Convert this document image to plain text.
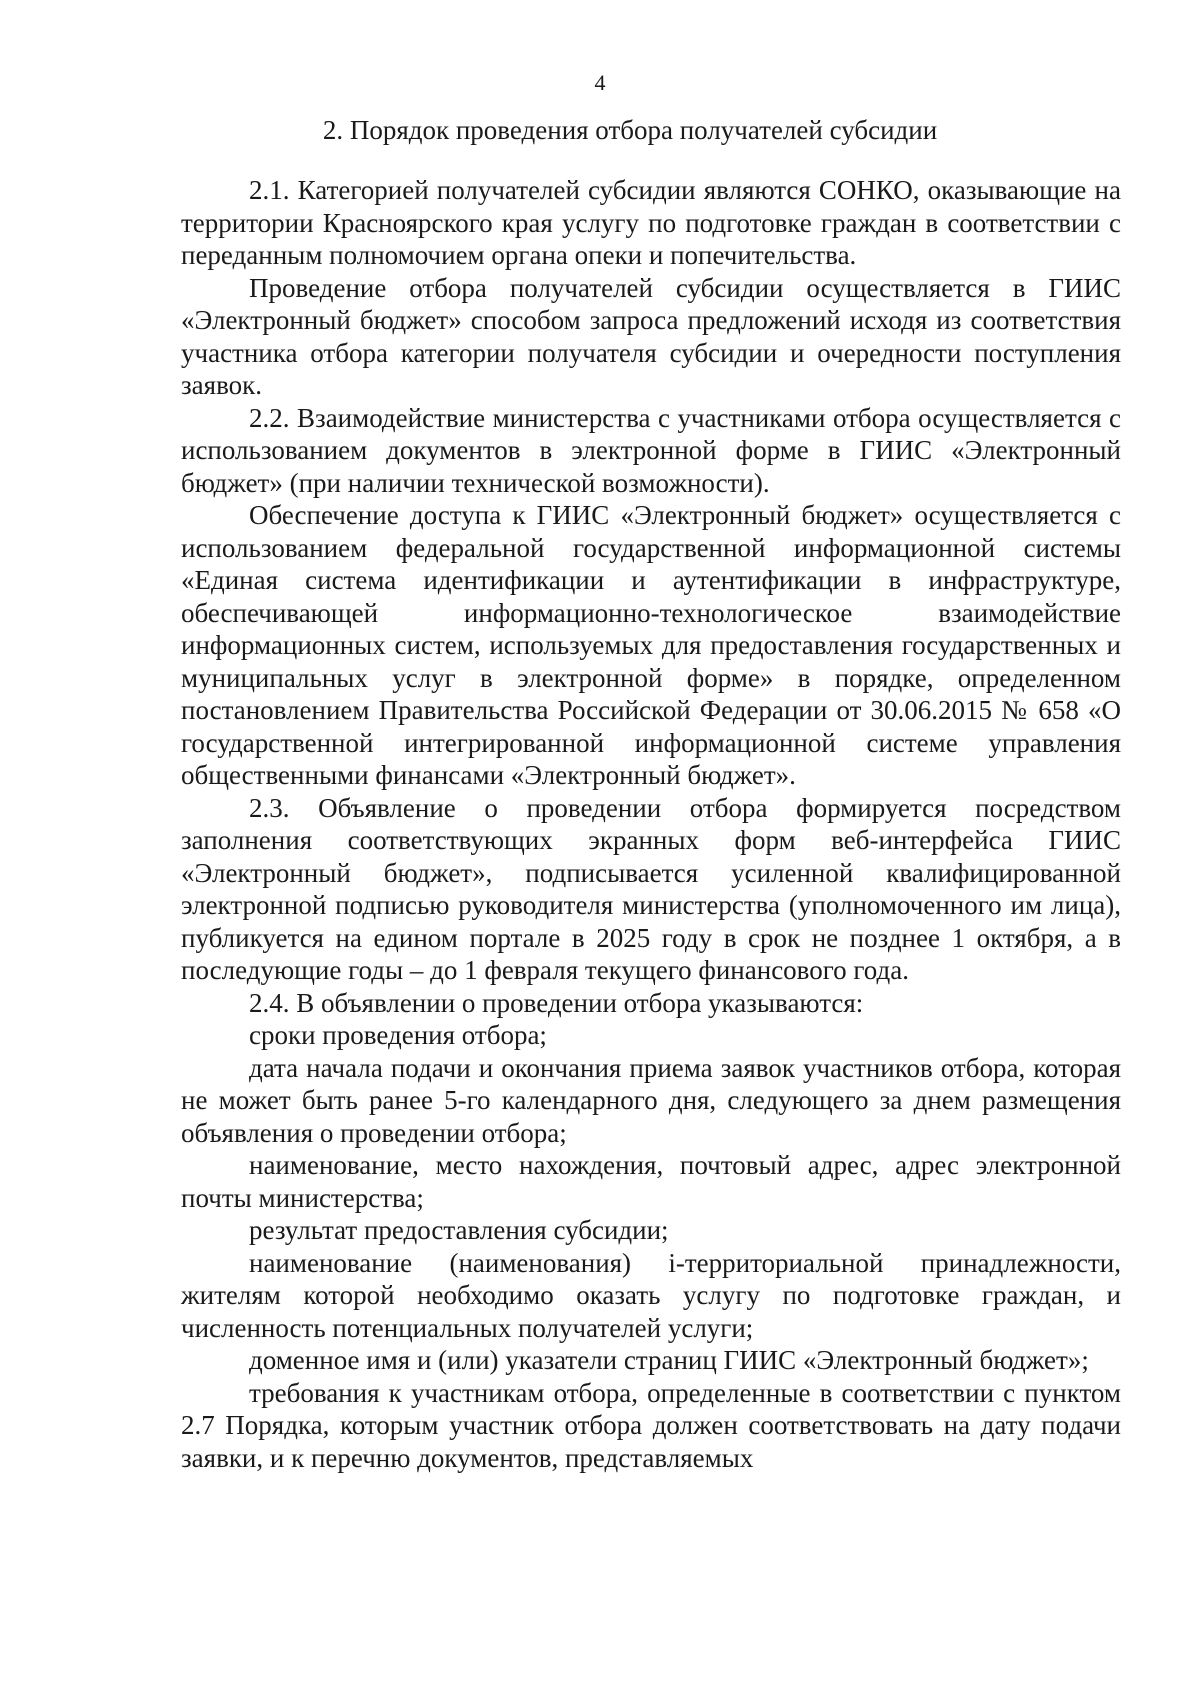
4
2. Порядок проведения отбора получателей субсидии

2.1. Категорией получателей субсидии являются СОНКО, оказывающие на территории Красноярского края услугу по подготовке граждан в соответствии с переданным полномочием органа опеки и попечительства.

Проведение отбора получателей субсидии осуществляется в ГИИС «Электронный бюджет» способом запроса предложений исходя из соответствия участника отбора категории получателя субсидии и очередности поступления заявок.

2.2. Взаимодействие министерства с участниками отбора осуществляется с использованием документов в электронной форме в ГИИС «Электронный бюджет» (при наличии технической возможности).

Обеспечение доступа к ГИИС «Электронный бюджет» осуществляется с использованием федеральной государственной информационной системы «Единая система идентификации и аутентификации в инфраструктуре, обеспечивающей информационно-технологическое взаимодействие информационных систем, используемых для предоставления государственных и муниципальных услуг в электронной форме» в порядке, определенном постановлением Правительства Российской Федерации от 30.06.2015 № 658 «О государственной интегрированной информационной системе управления общественными финансами «Электронный бюджет».

2.3. Объявление о проведении отбора формируется посредством заполнения соответствующих экранных форм веб-интерфейса ГИИС «Электронный бюджет», подписывается усиленной квалифицированной электронной подписью руководителя министерства (уполномоченного им лица), публикуется на едином портале в 2025 году в срок не позднее 1 октября, а в последующие годы – до 1 февраля текущего финансового года.

2.4. В объявлении о проведении отбора указываются:

сроки проведения отбора;

дата начала подачи и окончания приема заявок участников отбора, которая не может быть ранее 5-го календарного дня, следующего за днем размещения объявления о проведении отбора;

наименование, место нахождения, почтовый адрес, адрес электронной почты министерства;

результат предоставления субсидии;

наименование (наименования) i-территориальной принадлежности, жителям которой необходимо оказать услугу по подготовке граждан, и численность потенциальных получателей услуги;

доменное имя и (или) указатели страниц ГИИС «Электронный бюджет»;

требования к участникам отбора, определенные в соответствии с пунктом 2.7 Порядка, которым участник отбора должен соответствовать на дату подачи заявки, и к перечню документов, представляемых
